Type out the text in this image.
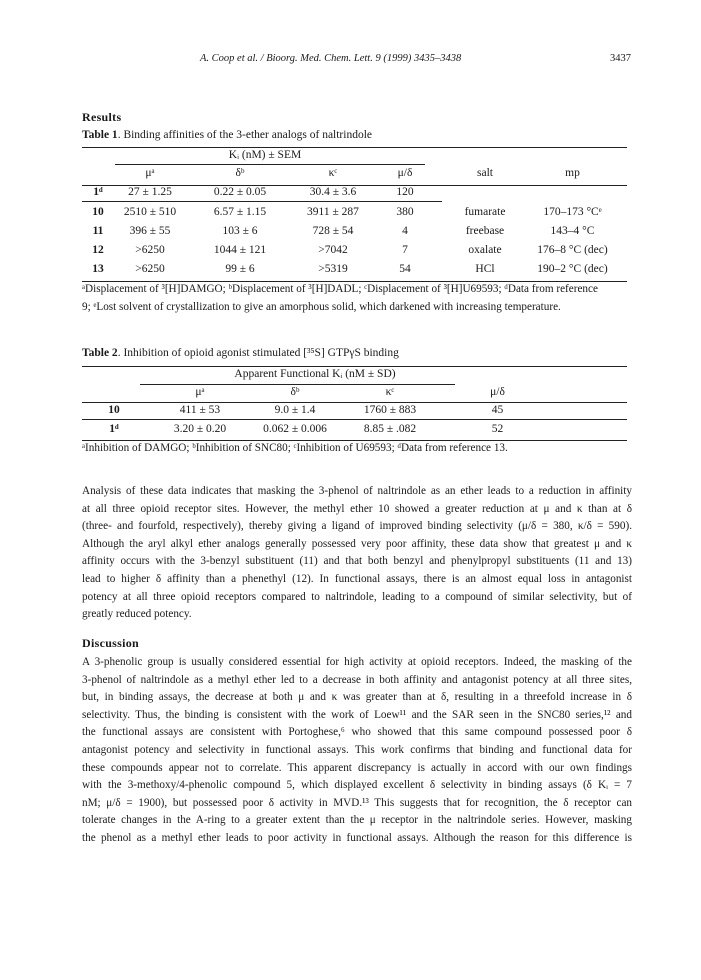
A. Coop et al. / Bioorg. Med. Chem. Lett. 9 (1999) 3435–3438	3437
Results
Table 1. Binding affinities of the 3-ether analogs of naltrindole
Kᵢ (nM) ± SEM
μᵃ	δᵇ	κᶜ	μ/δ	salt	mp
1ᵈ	27 ± 1.25	0.22 ± 0.05	30.4 ± 3.6	120
10	2510 ± 510	6.57 ± 1.15	3911 ± 287	380	fumarate	170–173 °Cᵉ
11	396 ± 55	103 ± 6	728 ± 54	4	freebase	143–4 °C
12	>6250	1044 ± 121	>7042	7	oxalate	176–8 °C (dec)
13	>6250	99 ± 6	>5319	54	HCl	190–2 °C (dec)
ᵃDisplacement of ³[H]DAMGO; ᵇDisplacement of ³[H]DADL; ᶜDisplacement of ³[H]U69593; ᵈData from reference
9; ᵉLost solvent of crystallization to give an amorphous solid, which darkened with increasing temperature.
Table 2. Inhibition of opioid agonist stimulated [³⁵S] GTPγS binding
Apparent Functional Kᵢ (nM ± SD)
μᵃ	δᵇ	κᶜ	μ/δ
10	411 ± 53	9.0 ± 1.4	1760 ± 883	45
1ᵈ	3.20 ± 0.20	0.062 ± 0.006	8.85 ± .082	52
ᵃInhibition of DAMGO; ᵇInhibition of SNC80; ᶜInhibition of U69593; ᵈData from reference 13.
Analysis of these data indicates that masking the 3-phenol of naltrindole as an ether leads to a reduction in affinity
at all three opioid receptor sites. However, the methyl ether 10 showed a greater reduction at μ and κ than at δ
(three- and fourfold, respectively), thereby giving a ligand of improved binding selectivity (μ/δ = 380, κ/δ = 590).
Although the aryl alkyl ether analogs generally possessed very poor affinity, these data show that greatest μ and κ
affinity occurs with the 3-benzyl substituent (11) and that both benzyl and phenylpropyl substituents (11 and 13)
lead to higher δ affinity than a phenethyl (12). In functional assays, there is an almost equal loss in antagonist
potency at all three opioid receptors compared to naltrindole, leading to a compound of similar selectivity, but of
greatly reduced potency.
Discussion
A 3-phenolic group is usually considered essential for high activity at opioid receptors. Indeed, the masking of the
3-phenol of naltrindole as a methyl ether led to a decrease in both affinity and antagonist potency at all three sites,
but, in binding assays, the decrease at both μ and κ was greater than at δ, resulting in a threefold increase in δ
selectivity. Thus, the binding is consistent with the work of Loew¹¹ and the SAR seen in the SNC80 series,¹² and
the functional assays are consistent with Portoghese,⁶ who showed that this same compound possessed poor δ
antagonist potency and selectivity in functional assays. This work confirms that binding and functional data for
these compounds appear not to correlate. This apparent discrepancy is actually in accord with our own findings
with the 3-methoxy/4-phenolic compound 5, which displayed excellent δ selectivity in binding assays (δ Kᵢ = 7
nM; μ/δ = 1900), but possessed poor δ activity in MVD.¹³ This suggests that for recognition, the δ receptor can
tolerate changes in the A-ring to a greater extent than the μ receptor in the naltrindole series. However, masking
the phenol as a methyl ether leads to poor activity in functional assays. Although the reason for this difference is
